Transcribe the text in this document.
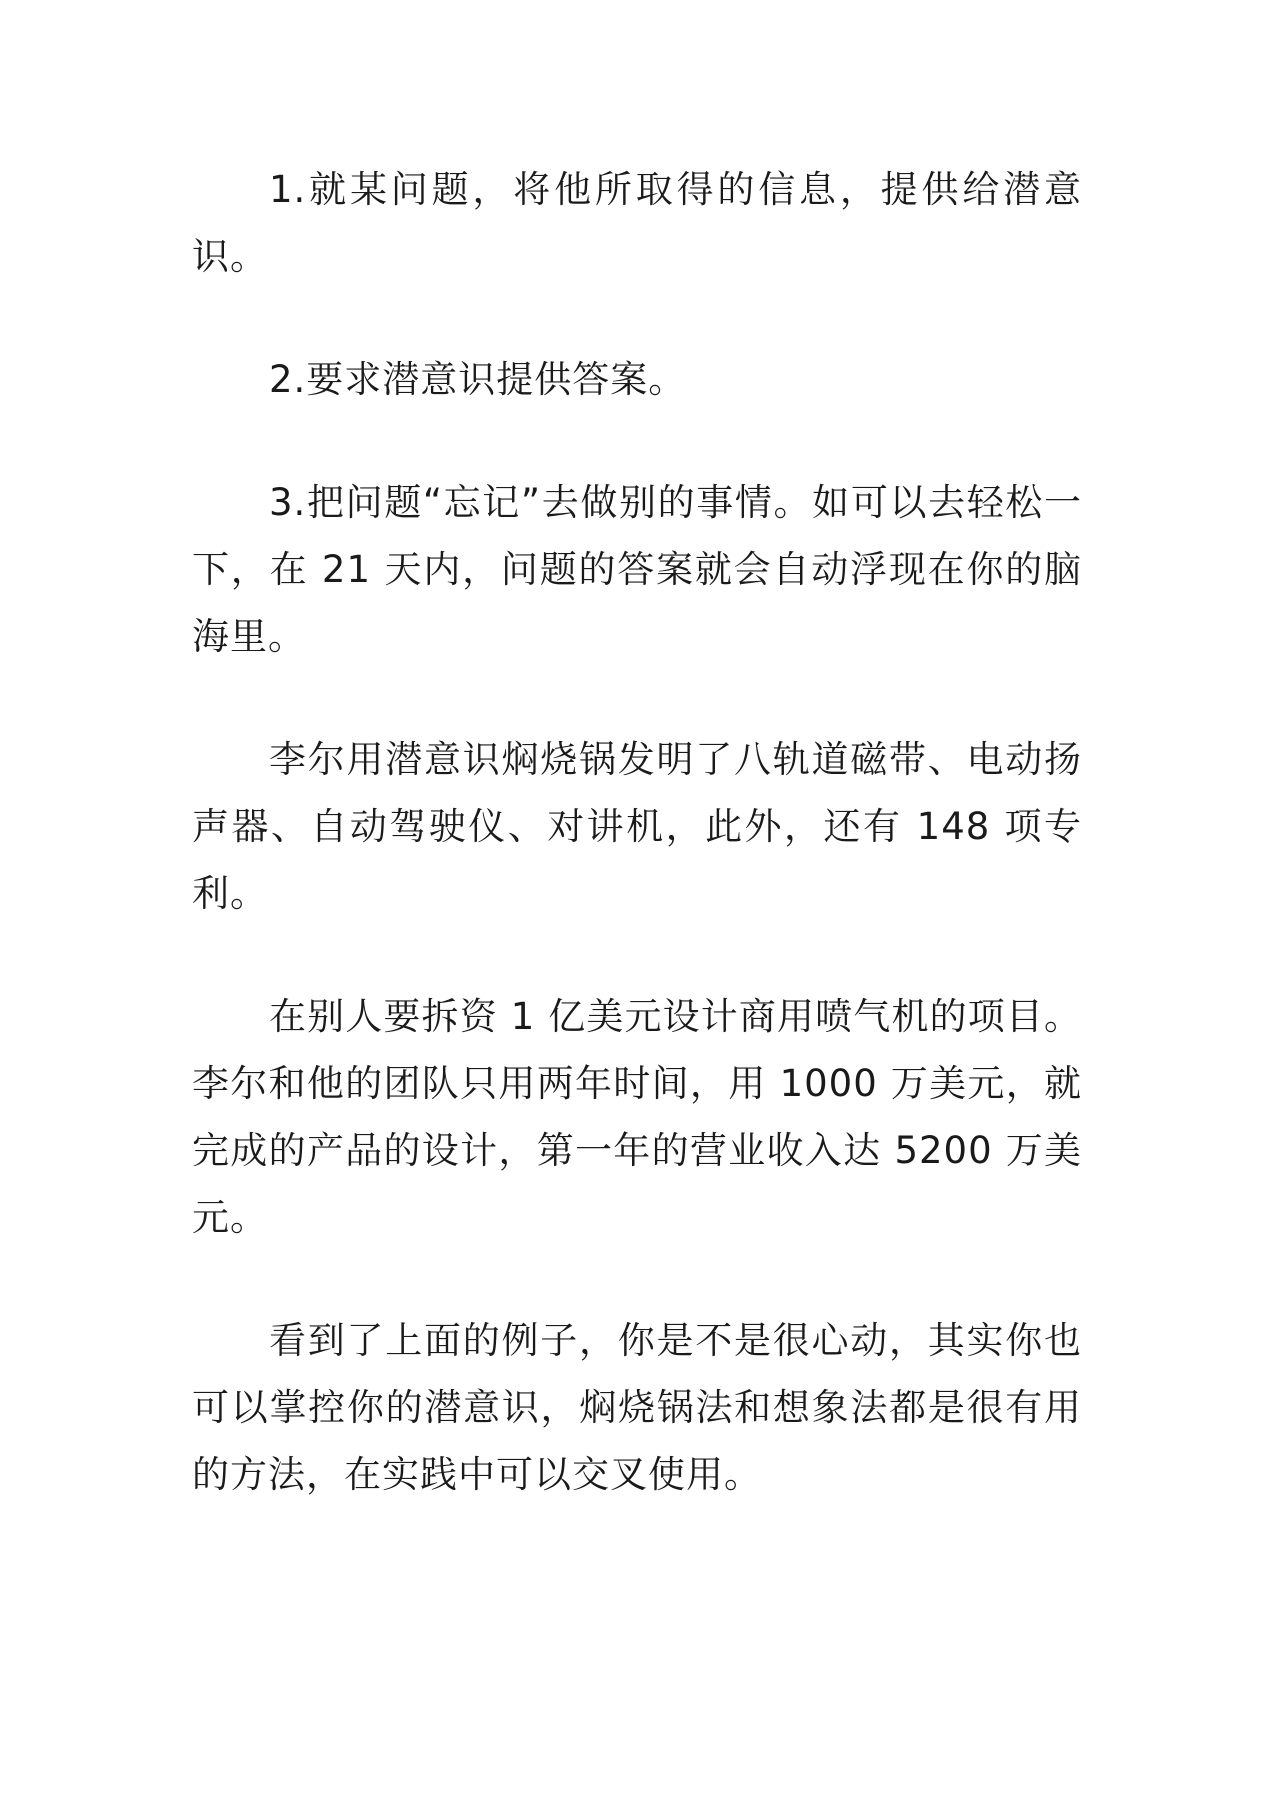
1.就某问题，将他所取得的信息，提供给潜意识。

2.要求潜意识提供答案。

3.把问题“忘记”去做别的事情。如可以去轻松一下，在 21 天内，问题的答案就会自动浮现在你的脑海里。

李尔用潜意识焖烧锅发明了八轨道磁带、电动扬声器、自动驾驶仪、对讲机，此外，还有 148 项专利。

在别人要拆资 1 亿美元设计商用喷气机的项目。李尔和他的团队只用两年时间，用 1000 万美元，就完成的产品的设计，第一年的营业收入达 5200 万美元。

看到了上面的例子，你是不是很心动，其实你也可以掌控你的潜意识，焖烧锅法和想象法都是很有用的方法，在实践中可以交叉使用。
